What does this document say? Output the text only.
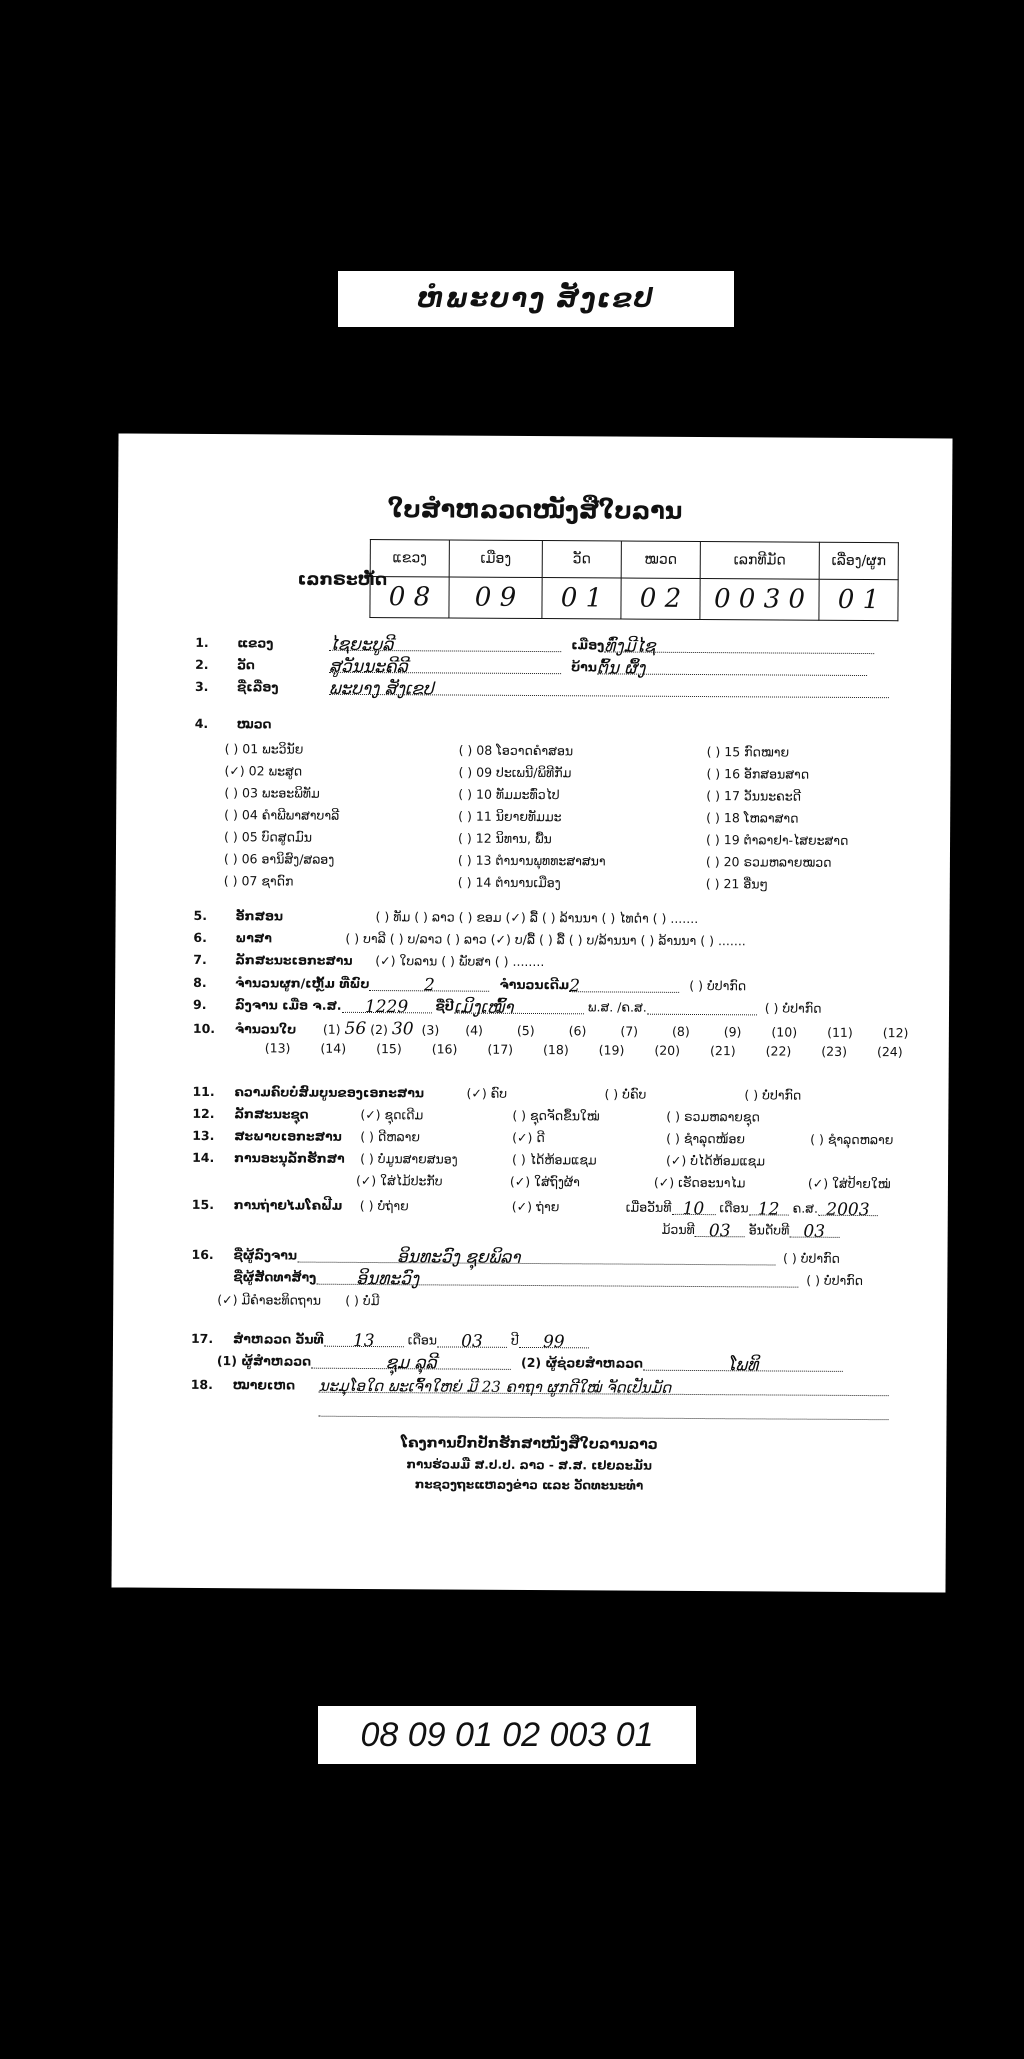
ຫໍພະບາງ ສັງເຂປ
ໃບສຳຫລວດໜັງສືໃບລານ
ເລກຣະຫັດ
ແຂວງ	ເມືອງ	ວັດ	ໝວດ	ເລກທີມັດ	ເລື່ອງ/ຜູກ
0 8	0 9	0 1	0 2	0 0 3 0	0 1
1. ແຂວງ	ໄຊຍະບູລີ	ເມືອງທົ່ງມີໄຊ
2. ວັດ	ສູວັນນະຄີລີ	ບ້ານຕົ້ນ ຜຶ້ງ
3. ຊື່ເລື່ອງ	ພະບາງ ສັງເຂປ
4. ໝວດ
( ) 01 ພະວິນັຍ
(✓) 02 ພະສູດ
( ) 03 ພະອະພິທັມ
( ) 04 ຄຳພີພາສາບາລີ
( ) 05 ບົດສູດມົນ
( ) 06 ອານິສົງ/ສລອງ
( ) 07 ຊາດົກ
( ) 08 ໂອວາດຄຳສອນ
( ) 09 ປະເພນີ/ພິທີກັມ
( ) 10 ທັມມະທົ່ວໄປ
( ) 11 ນິຍາຍທັມມະ
( ) 12 ນິທານ, ພື້ນ
( ) 13 ຕຳນານພຸທທະສາສນາ
( ) 14 ຕຳນານເມືອງ
( ) 15 ກົດໝາຍ
( ) 16 ອັກສອນສາດ
( ) 17 ວັນນະຄະດີ
( ) 18 ໂຫລາສາດ
( ) 19 ຕຳລາຢາ-ໄສຍະສາດ
( ) 20 ຣວມຫລາຍໝວດ
( ) 21 ອື່ນໆ
5. ອັກສອນ	( ) ທັມ ( ) ລາວ ( ) ຂອມ (✓) ລື້ ( ) ລ້ານນາ ( ) ໄທດຳ ( ) .......
6. ພາສາ	( ) ບາລີ ( ) ບ/ລາວ ( ) ລາວ (✓) ບ/ລື້ ( ) ລື້ ( ) ບ/ລ້ານນາ ( ) ລ້ານນາ ( ) .......
7. ລັກສະນະເອກະສານ (✓) ໃບລານ ( ) ພັບສາ ( ) ........
8. ຈຳນວນຜູກ/ເຫຼັ້ມ ທີ່ພົບ	2	ຈຳນວນເດີມ2	( ) ບໍ່ປາກົດ
9. ລົງຈານ ເມື່ອ ຈ.ສ. 1229 ຊື່ປີເມິງເໝົ້າ	ພ.ສ. /ຄ.ສ.	( ) ບໍ່ປາກົດ
10. ຈຳນວນໃບ (1) 56 (2) 30 (3) (4)	(5)	(6)	(7)	(8)	(9) (10) (11) (12)
(13) (14) (15) (16) (17) (18) (19) (20) (21) (22) (23) (24)
11. ຄວາມຄົບບໍ່ສົມບູນຂອງເອກະສານ	(✓) ຄົບ	( ) ບໍ່ຄົບ	( ) ບໍ່ປາກົດ
12. ລັກສະນະຊຸດ	(✓) ຊຸດເດີມ	( ) ຊຸດຈັດຂຶ້ນໃໝ່	( ) ຣວມຫລາຍຊຸດ
13. ສະພາບເອກະສານ ( ) ດີຫລາຍ	(✓) ດີ	( ) ຊຳລຸດໜ້ອຍ	( ) ຊຳລຸດຫລາຍ
14. ການອະນຸລັກຮັກສາ ( ) ບໍ່ມູນສາຍສນອງ	( ) ໄດ້ຫ້ອມແຊມ	(✓) ບໍ່ໄດ້ຫ້ອມແຊມ
(✓) ໃສ່ໄມ້ປະກັບ	(✓) ໃສ່ຖົງຜ້າ	(✓) ເຮັດອະນາໄມ	(✓) ໃສ່ປ້າຍໃໝ່
15. ການຖ່າຍໄມໂຄຟີມ ( ) ບໍ່ຖ່າຍ	(✓) ຖ່າຍ	ເມື່ອວັນທີ 10 ເດືອນ 12 ຄ.ສ. 2003
ມ້ວນທີ 03 ອັນດັບທີ 03
16. ຊື່ຜູ້ລົງຈານ	ອິນທະວົງ ຊຸຍພິລາ	( ) ບໍ່ປາກົດ
ຊື່ຜູ້ສັດທາສ້າງ ອິນທະວົງ	( ) ບໍ່ປາກົດ
(✓) ມີຄຳອະທິດຖານ ( ) ບໍ່ມີ
17. ສຳຫລວດ ວັນທີ 13	ເດືອນ 03 ປີ 99
(1) ຜູ້ສຳຫລວດ	ຊຸມ ລຸລີ	(2) ຜູ້ຊ່ວຍສຳຫລວດ	ໂພທິ
18. ໝາຍເຫດ ນະມຸໂອໃດ ພະເຈົ້າໃຫຍ່ ມີ 23 ຄາຖາ ຜູກດີໃໝ່ ຈັດເປັນມັດ
ໂຄງການປົກປັກຮັກສາໜັງສືໃບລານລາວ
ການຮ່ວມມື ສ.ປ.ປ. ລາວ - ສ.ສ. ເຢຍລະມັນ
ກະຊວງຖະແຫລງຂ່າວ ແລະ ວັດທະນະທຳ
08 09 01 02 003 01
